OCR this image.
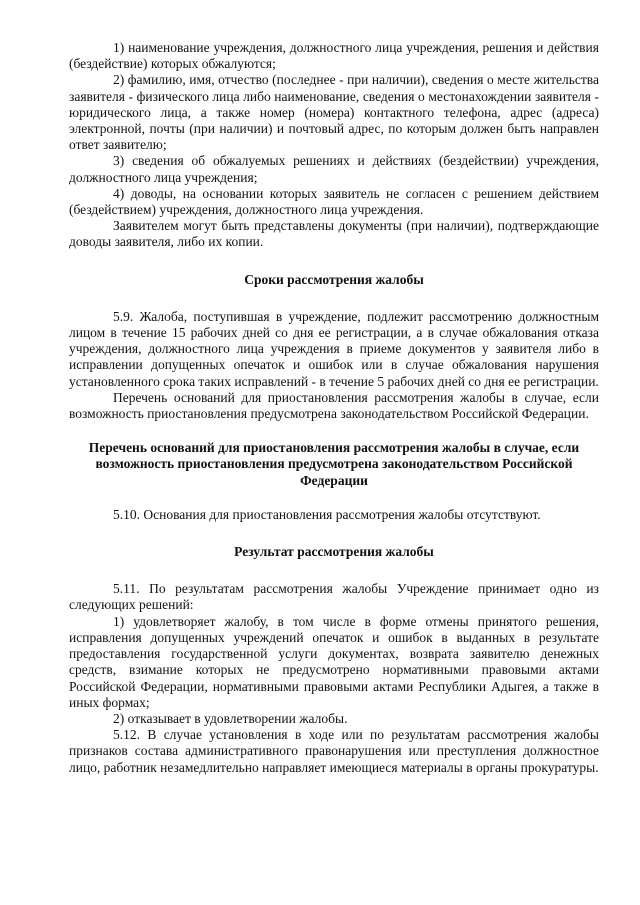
1) наименование учреждения, должностного лица учреждения, решения и действия (бездействие) которых обжалуются;

2) фамилию, имя, отчество (последнее - при наличии), сведения о месте жительства заявителя - физического лица либо наименование, сведения о местонахождении заявителя - юридического лица, а также номер (номера) контактного телефона, адрес (адреса) электронной, почты (при наличии) и почтовый адрес, по которым должен быть направлен ответ заявителю;

3) сведения об обжалуемых решениях и действиях (бездействии) учреждения, должностного лица учреждения;

4) доводы, на основании которых заявитель не согласен с решением действием (бездействием) учреждения, должностного лица учреждения.

Заявителем могут быть представлены документы (при наличии), подтверждающие доводы заявителя, либо их копии.

Сроки рассмотрения жалобы

5.9. Жалоба, поступившая в учреждение, подлежит рассмотрению должностным лицом в течение 15 рабочих дней со дня ее регистрации, а в случае обжалования отказа учреждения, должностного лица учреждения в приеме документов у заявителя либо в исправлении допущенных опечаток и ошибок или в случае обжалования нарушения установленного срока таких исправлений - в течение 5 рабочих дней со дня ее регистрации.

Перечень оснований для приостановления рассмотрения жалобы в случае, если возможность приостановления предусмотрена законодательством Российской Федерации.

Перечень оснований для приостановления рассмотрения жалобы в случае, если возможность приостановления предусмотрена законодательством Российской Федерации

5.10. Основания для приостановления рассмотрения жалобы отсутствуют.

Результат рассмотрения жалобы

5.11. По результатам рассмотрения жалобы Учреждение принимает одно из следующих решений:

1) удовлетворяет жалобу, в том числе в форме отмены принятого решения, исправления допущенных учреждений опечаток и ошибок в выданных в результате предоставления государственной услуги документах, возврата заявителю денежных средств, взимание которых не предусмотрено нормативными правовыми актами Российской Федерации, нормативными правовыми актами Республики Адыгея, а также в иных формах;

2) отказывает в удовлетворении жалобы.

5.12. В случае установления в ходе или по результатам рассмотрения жалобы признаков состава административного правонарушения или преступления должностное лицо, работник незамедлительно направляет имеющиеся материалы в органы прокуратуры.
